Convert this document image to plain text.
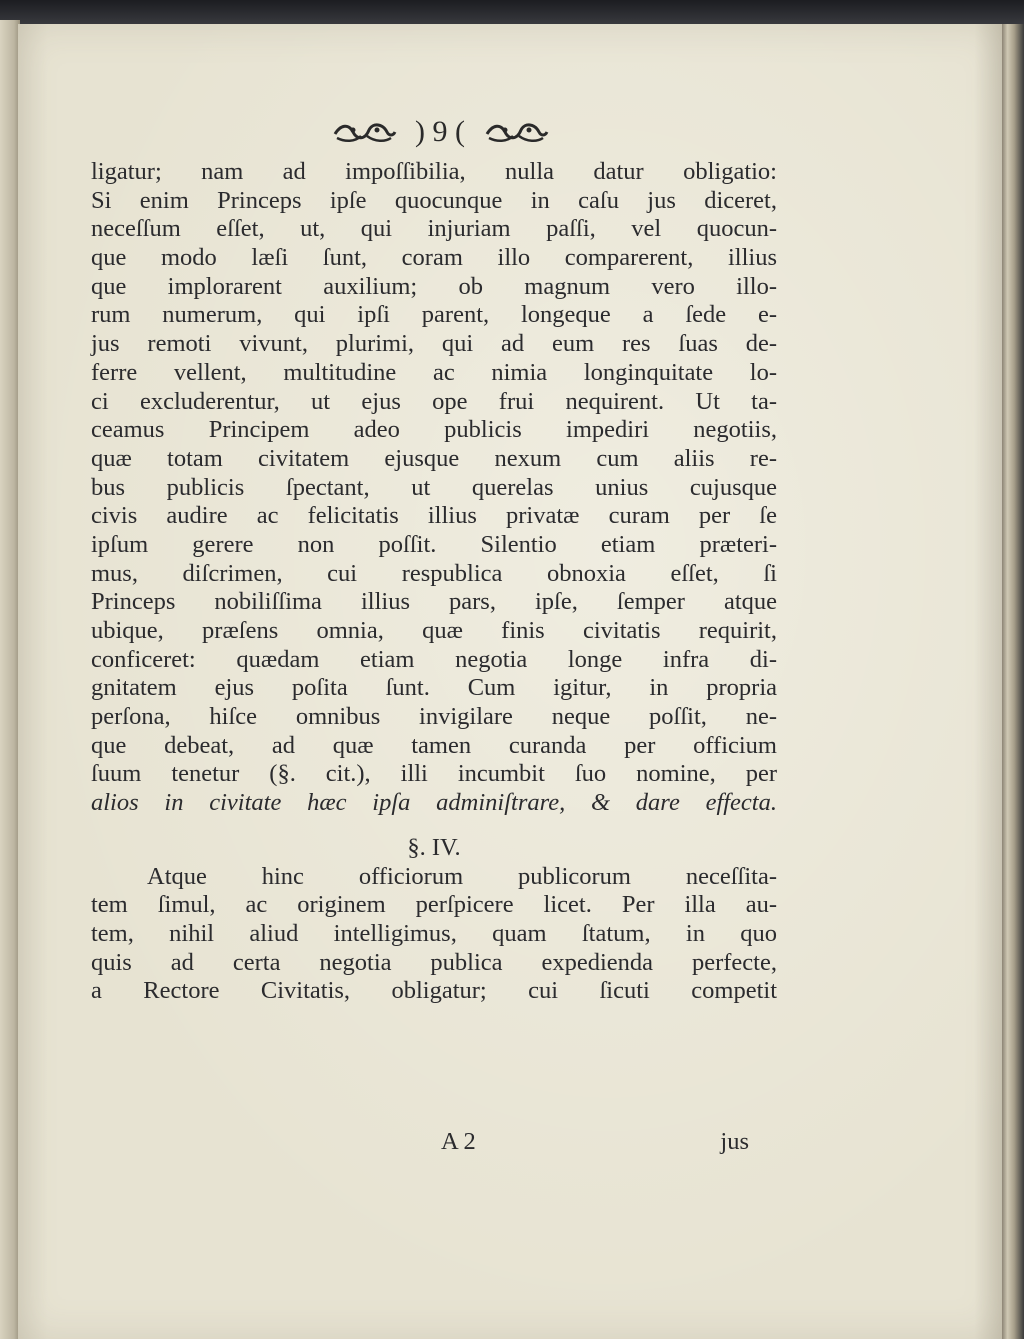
) 9 (
ligatur; nam ad impoſſibilia, nulla datur obligatio:
Si enim Princeps ipſe quocunque in caſu jus diceret,
neceſſum eſſet, ut, qui injuriam paſſi, vel quocun-
que modo læſi ſunt, coram illo comparerent, illius
que implorarent auxilium; ob magnum vero illo-
rum numerum, qui ipſi parent, longeque a ſede e-
jus remoti vivunt, plurimi, qui ad eum res ſuas de-
ferre vellent, multitudine ac nimia longinquitate lo-
ci excluderentur, ut ejus ope frui nequirent. Ut ta-
ceamus Principem adeo publicis impediri negotiis,
quæ totam civitatem ejusque nexum cum aliis re-
bus publicis ſpectant, ut querelas unius cujusque
civis audire ac felicitatis illius privatæ curam per ſe
ipſum gerere non poſſit. Silentio etiam præteri-
mus, diſcrimen, cui respublica obnoxia eſſet, ſi
Princeps nobiliſſima illius pars, ipſe, ſemper atque
ubique, præſens omnia, quæ finis civitatis requirit,
conficeret: quædam etiam negotia longe infra di-
gnitatem ejus poſita ſunt. Cum igitur, in propria
perſona, hiſce omnibus invigilare neque poſſit, ne-
que debeat, ad quæ tamen curanda per officium
ſuum tenetur (§. cit.), illi incumbit ſuo nomine, per
alios in civitate hæc ipſa adminiſtrare, & dare effecta.
§. IV.
Atque hinc officiorum publicorum neceſſita-
tem ſimul, ac originem perſpicere licet. Per illa au-
tem, nihil aliud intelligimus, quam ſtatum, in quo
quis ad certa negotia publica expedienda perfecte,
a Rectore Civitatis, obligatur; cui ſicuti competit
A 2	jus
